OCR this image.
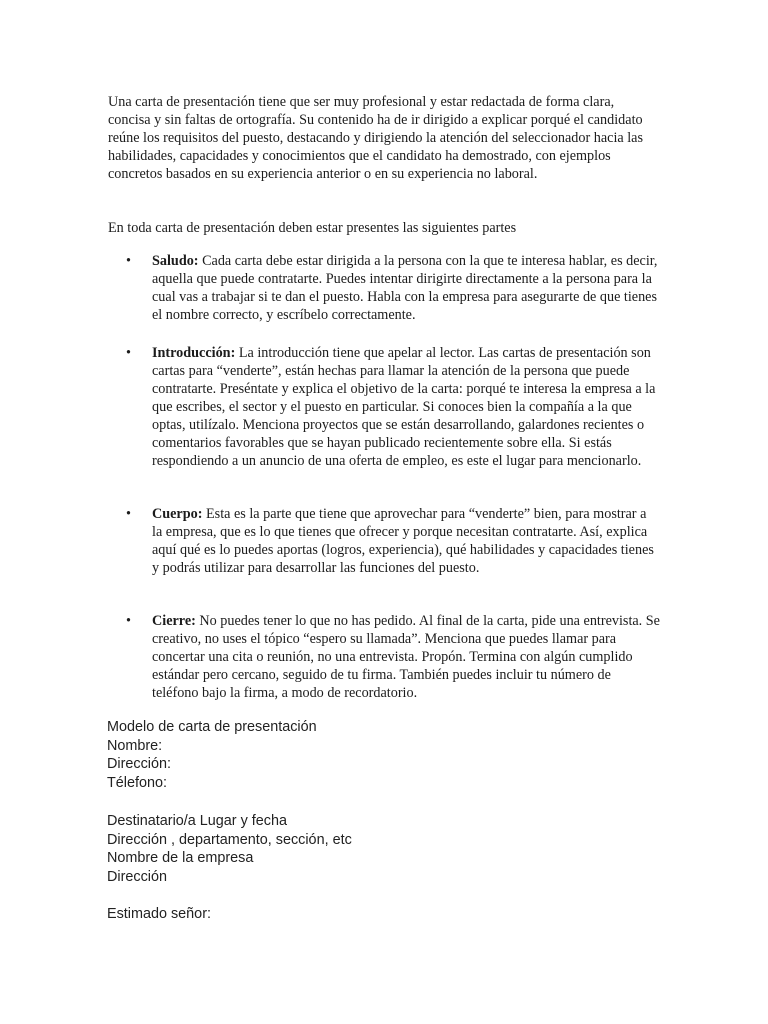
Una carta de presentación tiene que ser muy profesional y estar redactada de forma clara, concisa y sin faltas de ortografía. Su contenido ha de ir dirigido a explicar porqué el candidato reúne los requisitos del puesto, destacando y dirigiendo la atención del seleccionador hacia las habilidades, capacidades y conocimientos que el candidato ha demostrado, con ejemplos concretos basados en su experiencia anterior o en su experiencia no laboral.

En toda carta de presentación deben estar presentes las siguientes partes

•	Saludo: Cada carta debe estar dirigida a la persona con la que te interesa hablar, es decir, aquella que puede contratarte. Puedes intentar dirigirte directamente a la persona para la cual vas a trabajar si te dan el puesto. Habla con la empresa para asegurarte de que tienes el nombre correcto, y escríbelo correctamente.
•	Introducción: La introducción tiene que apelar al lector. Las cartas de presentación son cartas para “venderte”, están hechas para llamar la atención de la persona que puede contratarte. Preséntate y explica el objetivo de la carta: porqué te interesa la empresa a la que escribes, el sector y el puesto en particular. Si conoces bien la compañía a la que optas, utilízalo. Menciona proyectos que se están desarrollando, galardones recientes o comentarios favorables que se hayan publicado recientemente sobre ella. Si estás respondiendo a un anuncio de una oferta de empleo, es este el lugar para mencionarlo.
•	Cuerpo: Esta es la parte que tiene que aprovechar para “venderte” bien, para mostrar a la empresa, que es lo que tienes que ofrecer y porque necesitan contratarte. Así, explica aquí qué es lo puedes aportas (logros, experiencia), qué habilidades y capacidades tienes y podrás utilizar para desarrollar las funciones del puesto.
•	Cierre: No puedes tener lo que no has pedido. Al final de la carta, pide una entrevista. Se creativo, no uses el tópico “espero su llamada”. Menciona que puedes llamar para concertar una cita o reunión, no una entrevista. Propón. Termina con algún cumplido estándar pero cercano, seguido de tu firma. También puedes incluir tu número de teléfono bajo la firma, a modo de recordatorio.
Modelo de carta de presentación
Nombre:
Dirección:
Télefono:
Destinatario/a Lugar y fecha
Dirección , departamento, sección, etc
Nombre de la empresa
Dirección
Estimado señor:
